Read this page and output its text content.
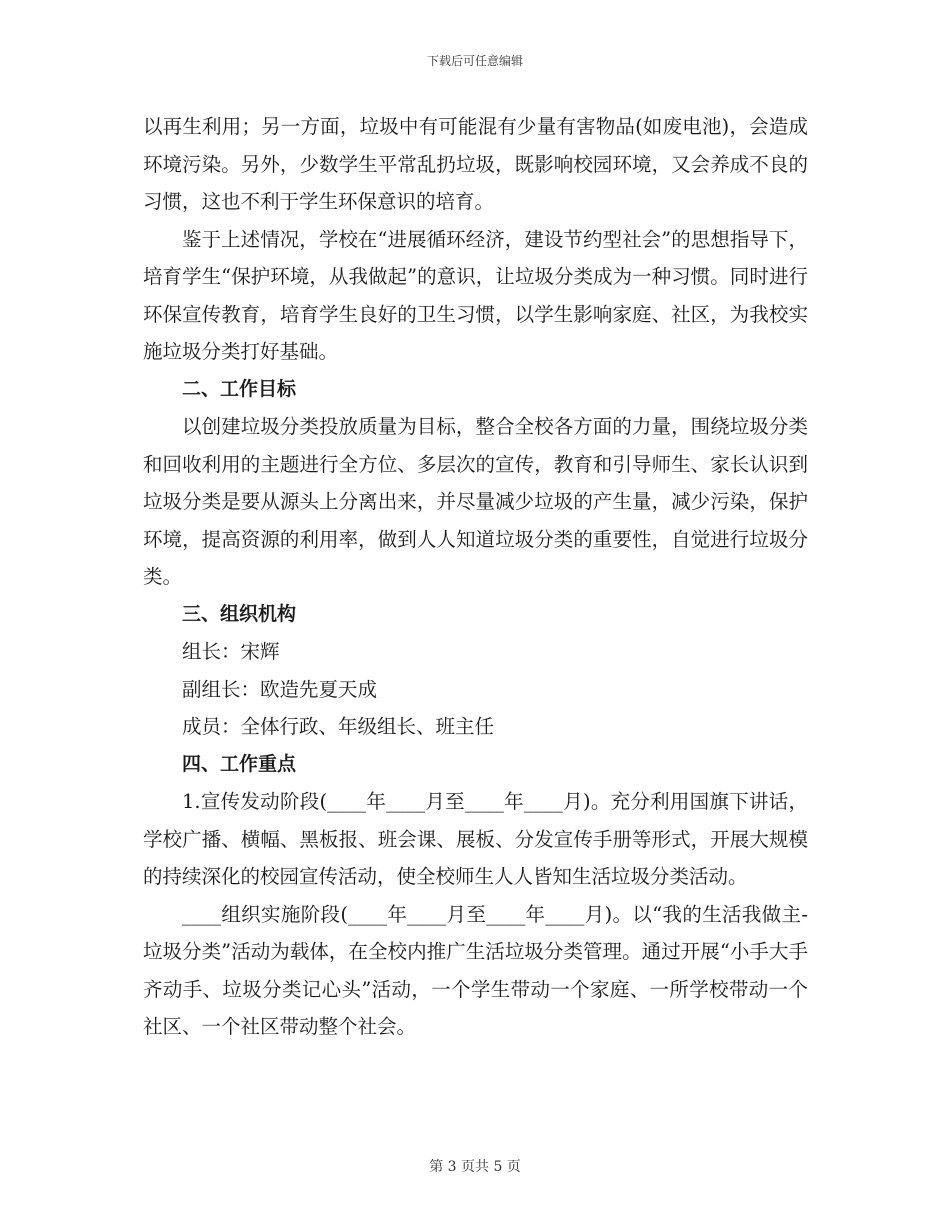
下载后可任意编辑

以再生利用；另一方面，垃圾中有可能混有少量有害物品(如废电池)，会造成环境污染。另外，少数学生平常乱扔垃圾，既影响校园环境，又会养成不良的习惯，这也不利于学生环保意识的培育。

鉴于上述情况，学校在“进展循环经济，建设节约型社会”的思想指导下，培育学生“保护环境，从我做起”的意识，让垃圾分类成为一种习惯。同时进行环保宣传教育，培育学生良好的卫生习惯，以学生影响家庭、社区，为我校实施垃圾分类打好基础。

二、工作目标

以创建垃圾分类投放质量为目标，整合全校各方面的力量，围绕垃圾分类和回收利用的主题进行全方位、多层次的宣传，教育和引导师生、家长认识到垃圾分类是要从源头上分离出来，并尽量减少垃圾的产生量，减少污染，保护环境，提高资源的利用率，做到人人知道垃圾分类的重要性，自觉进行垃圾分类。

三、组织机构

组长：宋辉

副组长：欧造先夏天成

成员：全体行政、年级组长、班主任

四、工作重点

1.宣传发动阶段(____年____月至____年____月)。充分利用国旗下讲话，学校广播、横幅、黑板报、班会课、展板、分发宣传手册等形式，开展大规模的持续深化的校园宣传活动，使全校师生人人皆知生活垃圾分类活动。

____组织实施阶段(____年____月至____年____月)。以“我的生活我做主-垃圾分类”活动为载体，在全校内推广生活垃圾分类管理。通过开展“小手大手齐动手、垃圾分类记心头”活动，一个学生带动一个家庭、一所学校带动一个社区、一个社区带动整个社会。

第 3 页共 5 页
